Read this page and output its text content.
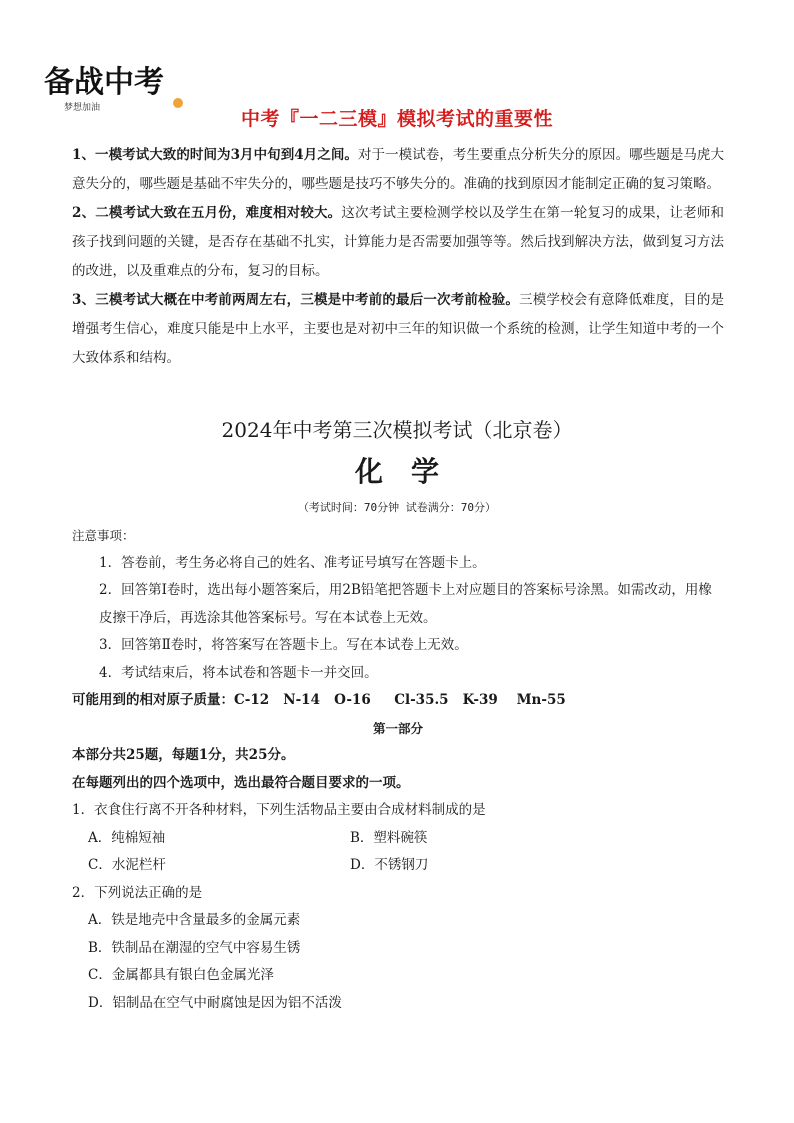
备战中考
梦想加油	中考『一二三模』模拟考试的重要性

1、一模考试大致的时间为3月中旬到4月之间。对于一模试卷，考生要重点分析失分的原因。哪些题是马虎大意失分的，哪些题是基础不牢失分的，哪些题是技巧不够失分的。准确的找到原因才能制定正确的复习策略。

2、二模考试大致在五月份，难度相对较大。这次考试主要检测学校以及学生在第一轮复习的成果，让老师和孩子找到问题的关键，是否存在基础不扎实，计算能力是否需要加强等等。然后找到解决方法，做到复习方法的改进，以及重难点的分布，复习的目标。

3、三模考试大概在中考前两周左右，三模是中考前的最后一次考前检验。三模学校会有意降低难度，目的是增强考生信心，难度只能是中上水平，主要也是对初中三年的知识做一个系统的检测，让学生知道中考的一个大致体系和结构。

2024年中考第三次模拟考试（北京卷）
化学
（考试时间：70分钟 试卷满分：70分）

注意事项：

1．答卷前，考生务必将自己的姓名、准考证号填写在答题卡上。

2．回答第Ⅰ卷时，选出每小题答案后，用2B铅笔把答题卡上对应题目的答案标号涂黑。如需改动，用橡皮擦干净后，再选涂其他答案标号。写在本试卷上无效。

3．回答第Ⅱ卷时，将答案写在答题卡上。写在本试卷上无效。

4．考试结束后，将本试卷和答题卡一并交回。

可能用到的相对原子质量：C-12   N-14   O-16     Cl-35.5   K-39    Mn-55

第一部分

本部分共25题，每题1分，共25分。

在每题列出的四个选项中，选出最符合题目要求的一项。

1．衣食住行离不开各种材料，下列生活物品主要由合成材料制成的是

A．纯棉短袖	B．塑料碗筷
C．水泥栏杆	D．不锈钢刀

2．下列说法正确的是

A．铁是地壳中含量最多的金属元素

B．铁制品在潮湿的空气中容易生锈

C．金属都具有银白色金属光泽

D．铝制品在空气中耐腐蚀是因为铝不活泼
